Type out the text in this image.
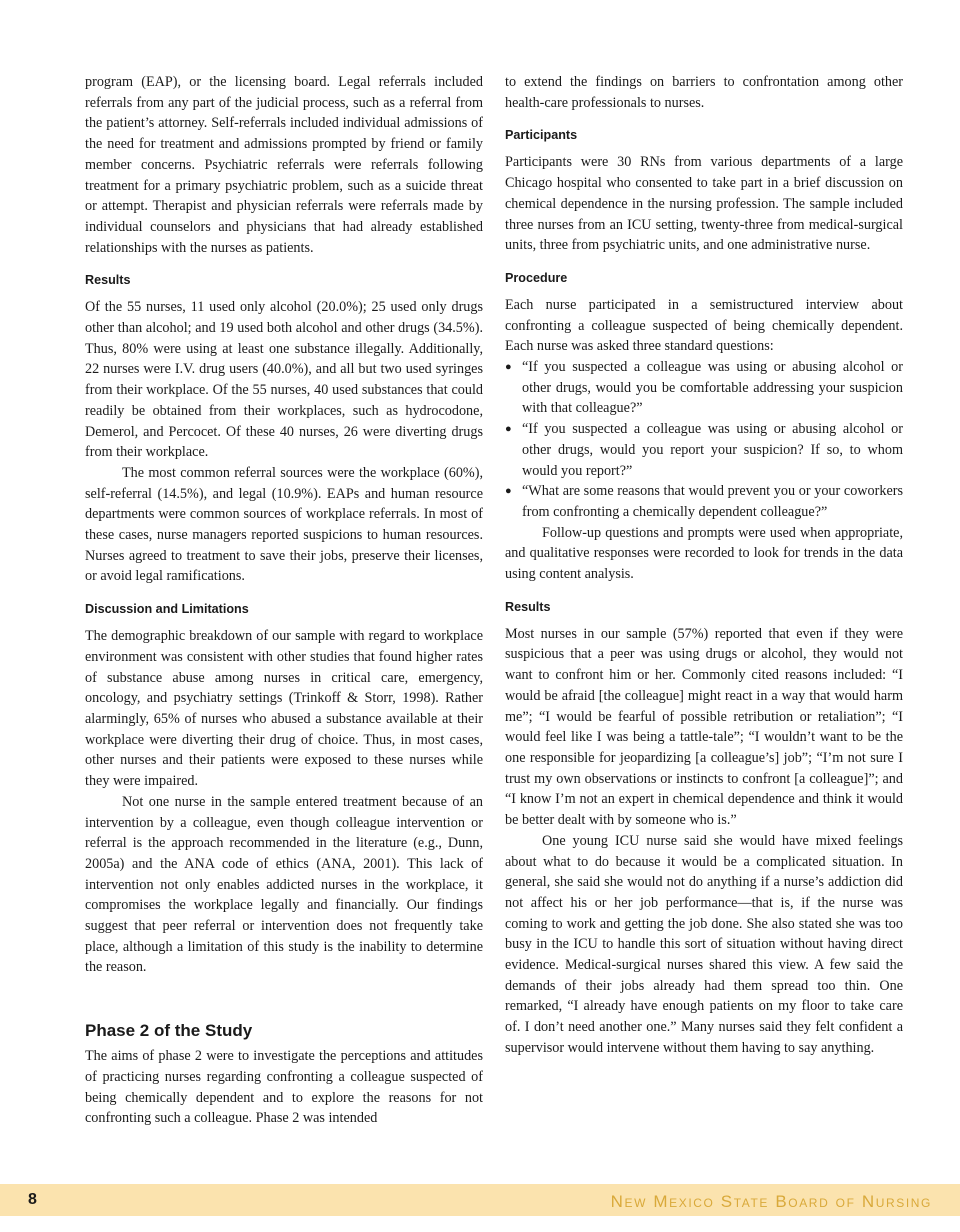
program (EAP), or the licensing board. Legal referrals included referrals from any part of the judicial process, such as a referral from the patient’s attorney. Self-referrals included individual admissions of the need for treatment and admissions prompted by friend or family member concerns. Psychiatric referrals were referrals following treatment for a primary psychiatric problem, such as a suicide threat or attempt. Therapist and physician referrals were referrals made by individual counselors and physicians that had already established relationships with the nurses as patients.

Results

Of the 55 nurses, 11 used only alcohol (20.0%); 25 used only drugs other than alcohol; and 19 used both alcohol and other drugs (34.5%). Thus, 80% were using at least one substance illegally. Additionally, 22 nurses were I.V. drug users (40.0%), and all but two used syringes from their workplace. Of the 55 nurses, 40 used substances that could readily be obtained from their workplaces, such as hydrocodone, Demerol, and Percocet. Of these 40 nurses, 26 were diverting drugs from their workplace.

The most common referral sources were the workplace (60%), self-referral (14.5%), and legal (10.9%). EAPs and human resource departments were common sources of workplace referrals. In most of these cases, nurse managers reported suspicions to human resources. Nurses agreed to treatment to save their jobs, preserve their licenses, or avoid legal ramifications.

Discussion and Limitations

The demographic breakdown of our sample with regard to workplace environment was consistent with other studies that found higher rates of substance abuse among nurses in critical care, emergency, oncology, and psychiatry settings (Trinkoff & Storr, 1998). Rather alarmingly, 65% of nurses who abused a substance available at their workplace were diverting their drug of choice. Thus, in most cases, other nurses and their patients were exposed to these nurses while they were impaired.

Not one nurse in the sample entered treatment because of an intervention by a colleague, even though colleague intervention or referral is the approach recommended in the literature (e.g., Dunn, 2005a) and the ANA code of ethics (ANA, 2001). This lack of intervention not only enables addicted nurses in the workplace, it compromises the workplace legally and financially. Our findings suggest that peer referral or intervention does not frequently take place, although a limitation of this study is the inability to determine the reason.

Phase 2 of the Study

The aims of phase 2 were to investigate the perceptions and attitudes of practicing nurses regarding confronting a colleague suspected of being chemically dependent and to explore the reasons for not confronting such a colleague. Phase 2 was intended

to extend the findings on barriers to confrontation among other health-care professionals to nurses.

Participants

Participants were 30 RNs from various departments of a large Chicago hospital who consented to take part in a brief discussion on chemical dependence in the nursing profession. The sample included three nurses from an ICU setting, twenty-three from medical-surgical units, three from psychiatric units, and one administrative nurse.

Procedure

Each nurse participated in a semistructured interview about confronting a colleague suspected of being chemically dependent. Each nurse was asked three standard questions:

● “If you suspected a colleague was using or abusing alcohol or other drugs, would you be comfortable addressing your suspicion with that colleague?”
● “If you suspected a colleague was using or abusing alcohol or other drugs, would you report your suspicion? If so, to whom would you report?”
● “What are some reasons that would prevent you or your coworkers from confronting a chemically dependent colleague?”

Follow-up questions and prompts were used when appropriate, and qualitative responses were recorded to look for trends in the data using content analysis.

Results

Most nurses in our sample (57%) reported that even if they were suspicious that a peer was using drugs or alcohol, they would not want to confront him or her. Commonly cited reasons included: “I would be afraid [the colleague] might react in a way that would harm me”; “I would be fearful of possible retribution or retaliation”; “I would feel like I was being a tattle-tale”; “I wouldn’t want to be the one responsible for jeopardizing [a colleague’s] job”; “I’m not sure I trust my own observations or instincts to confront [a colleague]”; and “I know I’m not an expert in chemical dependence and think it would be better dealt with by someone who is.”

One young ICU nurse said she would have mixed feelings about what to do because it would be a complicated situation. In general, she said she would not do anything if a nurse’s addiction did not affect his or her job performance—that is, if the nurse was coming to work and getting the job done. She also stated she was too busy in the ICU to handle this sort of situation without having direct evidence. Medical-surgical nurses shared this view. A few said the demands of their jobs already had them spread too thin. One remarked, “I already have enough patients on my floor to take care of. I don’t need another one.” Many nurses said they felt confident a supervisor would intervene without them having to say anything.

8	New Mexico State Board of Nursing
